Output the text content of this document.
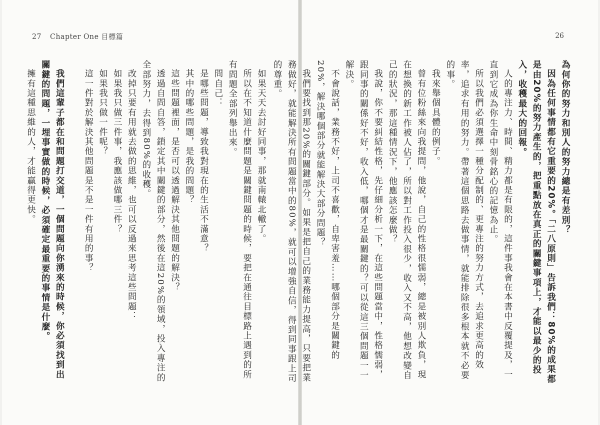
27 Chapter One 目標篇

如果天天去討好同事，那就南轅北轍了。

所以在不知道什麼問題是關鍵問題的時候，要把在通往目標路上遇到的所有問題全部列舉出來。

問自己：

是哪些問題，導致我對現在的生活不滿意？

其中的哪些問題，是我的問題？

這些問題裡面，是否可以透過解決其他問題的解決？

透過自問自答，鎖定其中關鍵的部分，然後在這20%的領域，投入專注的全部努力，去得到80%的收穫。

改掉只要有用就去做的思維，也可以反過來思考這些問題：

如果我只做三件事，我應該做哪三件？

如果我只做一件呢？

這一件對於解決其他問題是不是一件有用的事？

我們這輩子都在和問題打交道，一個問題向你湧來的時候，你必須找到出關鍵的問題，一埋事實做的時候，必須確定最重要的事情是什麼。

擁有這種思維的人，才能贏得更快。

26

為何你的努力和別人的努力總是有差別？

因為任何事情都有它重要的20%。「二八原則」告訴我們：80%的成果都是由20%的努力產生的，把重點放在真正的關鍵事項上，才能以最少的投入，收穫最大的回報。

人的專注力、時間、精力都是有限的，這件事我會在本書中反覆提及，一直到它成為你生命中刻骨銘心的記憶為止。

所以我們必須選擇一種分配制的、更專注的努力方式，去追求更高的效率，追求有用的努力。帶著這個思路去做事情，就能排除很多根本就不必要的事。

我來舉個具體的例子。

曾有位粉絲來向我提問，他說，自己的性格很懦弱，總是被別人欺負，現在想換的新工作被人佔了，所以對工作投入很少，收入又不高，他想改變自己的狀況，那這種情況下，他應該怎麼做？

我說，你不要糾結性格，先仔細分析一下，在這些問題當中，性格懦弱，跟同事的關係好不好，收入低，哪個才是最關鍵的？可以從這三個問題一一解決。

不會說話，業務不好，上司不喜歡，自卑害羞……哪個部分是關鍵的20%，解決哪個部分就能解決大部分問題？

我們要找到那20%的關鍵部分。如果是把自己的業務能力提高，只要把業務做好，就能解決所有問題當中的80%，就可以增強自信，得到同事跟上司的尊重。
